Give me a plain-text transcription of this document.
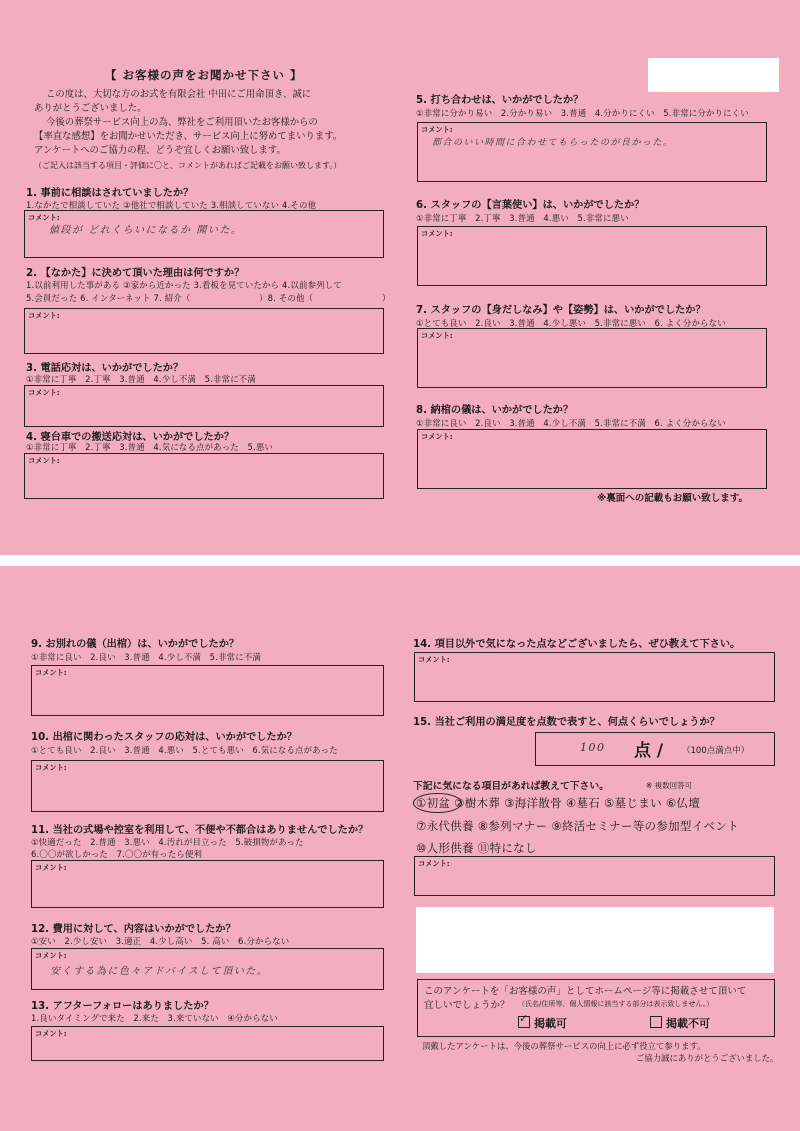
【 お客様の声をお聞かせ下さい 】
この度は、大切な方のお式を有限会社 中田にご用命頂き、誠に
ありがとうございました。
今後の葬祭サービス向上の為、弊社をご利用頂いたお客様からの
【率直な感想】をお聞かせいただき、サービス向上に努めてまいります。
アンケートへのご協力の程、どうぞ宜しくお願い致します。
（ご記入は該当する項目・評価に〇と、コメントがあればご記載をお願い致します。）
1. 事前に相談はされていましたか？
1.なかたで相談していた ②他社で相談していた 3.相談していない 4.その他
コメント:
値段が どれくらいになるか 聞いた。
2. 【なかた】に決めて頂いた理由は何ですか？
1.以前利用した事がある ②家から近かった 3.看板を見ていたから 4.以前参列して
5.会員だった 6. インターネット 7. 紹介（　　　　　　　　）8. その他（　　　　　　　　）
コメント:
3. 電話応対は、いかがでしたか？
①非常に丁寧　2.丁寧　3.普通　4.少し不満　5.非常に不満
コメント:
4. 寝台車での搬送応対は、いかがでしたか？
①非常に丁寧　2.丁寧　3.普通　4.気になる点があった　5.悪い
コメント:
5. 打ち合わせは、いかがでしたか？
①非常に分かり易い　2.分かり易い　3.普通　4.分かりにくい　5.非常に分かりにくい
コメント:
都合のいい時間に合わせてもらったのが良かった。
6. スタッフの【言葉使い】は、いかがでしたか？
①非常に丁寧　2.丁寧　3.普通　4.悪い　5.非常に悪い
コメント:
7. スタッフの【身だしなみ】や【姿勢】は、いかがでしたか？
①とても良い　2.良い　3.普通　4.少し悪い　5.非常に悪い　6. よく分からない
コメント:
8. 納棺の儀は、いかがでしたか？
①非常に良い　2.良い　3.普通　4.少し不満　5.非常に不満　6. よく分からない
コメント:
※裏面への記載もお願い致します。
9. お別れの儀（出棺）は、いかがでしたか？
①非常に良い　2.良い　3.普通　4.少し不満　5.非常に不満
コメント:
10. 出棺に関わったスタッフの応対は、いかがでしたか？
①とても良い　2.良い　3.普通　4.悪い　5.とても悪い　6.気になる点があった
コメント:
11. 当社の式場や控室を利用して、不便や不都合はありませんでしたか？
①快適だった　2.普通　3.悪い　4.汚れが目立った　5.破損物があった
6.〇〇が欲しかった　7.〇〇が有ったら便利
コメント:
12. 費用に対して、内容はいかがでしたか？
①安い　2.少し安い　3.適正　4.少し高い　5. 高い　6.分からない
コメント:
安くする為に色々アドバイスして頂いた。
13. アフターフォローはありましたか？
1.良いタイミングで来た　2.来た　3.来ていない　④分からない
コメント:
14. 項目以外で気になった点などございましたら、ぜひ教えて下さい。
コメント:
15. 当社ご利用の満足度を点数で表すと、何点くらいでしょうか？
100 点 / （100点満点中）
下記に気になる項目があれば教えて下さい。	※ 複数回答可
①初盆 ②樹木葬 ③海洋散骨 ④墓石 ⑤墓じまい ⑥仏壇
⑦永代供養 ⑧参列マナー ⑨終活セミナー等の参加型イベント
⑩人形供養 ⑪特になし
コメント:
このアンケートを「お客様の声」としてホームページ等に掲載させて頂いて
宜しいでしょうか？ （氏名/住所等、個人情報に該当する部分は表示致しません。）
✓ 掲載可	掲載不可
頂戴したアンケートは、今後の葬祭サービスの向上に必ず役立て参ります。
ご協力誠にありがとうございました。
